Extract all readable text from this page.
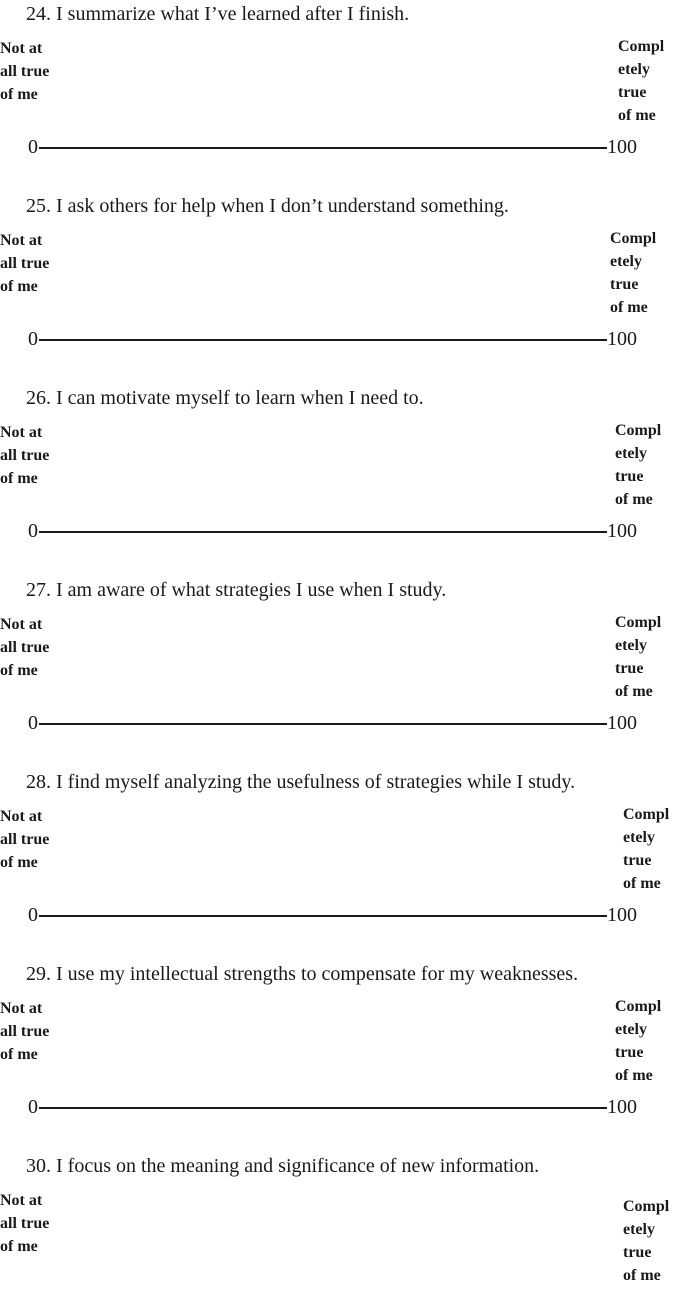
24. I summarize what I’ve learned after I finish.
Not at
all true
of me
Compl
etely
true
of me
0	100
25. I ask others for help when I don’t understand something.
Not at
all true
of me
Compl
etely
true
of me
0	100
26. I can motivate myself to learn when I need to.
Not at
all true
of me
Compl
etely
true
of me
0	100
27. I am aware of what strategies I use when I study.
Not at
all true
of me
Compl
etely
true
of me
0	100
28. I find myself analyzing the usefulness of strategies while I study.
Not at
all true
of me
Compl
etely
true
of me
0	100
29. I use my intellectual strengths to compensate for my weaknesses.
Not at
all true
of me
Compl
etely
true
of me
0	100
30. I focus on the meaning and significance of new information.
Not at
all true
of me
Compl
etely
true
of me
